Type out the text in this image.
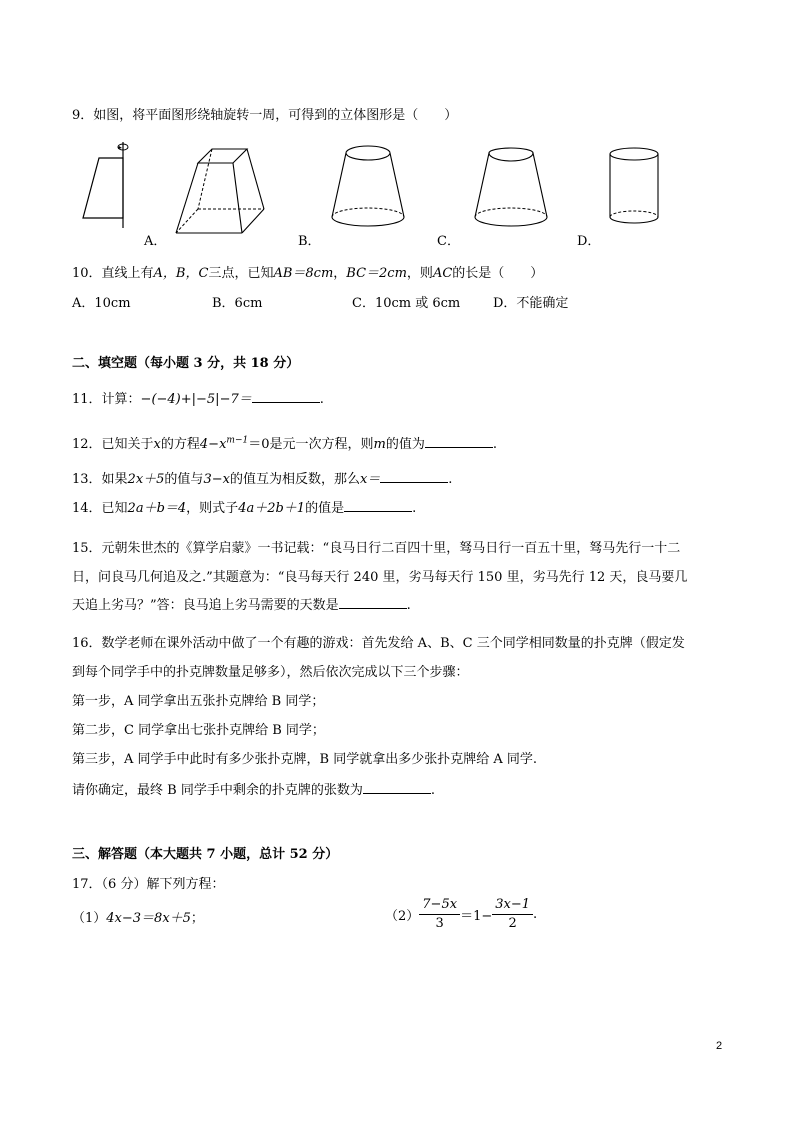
9．如图，将平面图形绕轴旋转一周，可得到的立体图形是（　　）
A．	B．	C．	D．
10．直线上有A，B，C三点，已知AB＝8cm，BC＝2cm，则AC的长是（　　）
A．10cm	B．6cm	C．10cm 或 6cm	D．不能确定
二、填空题（每小题 3 分，共 18 分）
11．计算：−(−4)+|−5|−7＝	.
12．已知关于x的方程$4-x^{m-1}=0$是元一次方程，则m的值为	.
13．如果2x＋5的值与3−x的值互为相反数，那么x＝	.
14．已知2a＋b＝4，则式子4a＋2b＋1的值是	.
15．元朝朱世杰的《算学启蒙》一书记载：“良马日行二百四十里，驽马日行一百五十里，驽马先行一十二
日，问良马几何追及之.”其题意为：“良马每天行 240 里，劣马每天行 150 里，劣马先行 12 天，良马要几
天追上劣马？”答：良马追上劣马需要的天数是	.
16．数学老师在课外活动中做了一个有趣的游戏：首先发给 A、B、C 三个同学相同数量的扑克牌（假定发
到每个同学手中的扑克牌数量足够多），然后依次完成以下三个步骤：
第一步，A 同学拿出五张扑克牌给 B 同学；
第二步，C 同学拿出七张扑克牌给 B 同学；
第三步，A 同学手中此时有多少张扑克牌，B 同学就拿出多少张扑克牌给 A 同学.
请你确定，最终 B 同学手中剩余的扑克牌的张数为	.
三、解答题（本大题共 7 小题，总计 52 分）
17．（6 分）解下列方程：
（1）4x−3＝8x＋5；	$(2) \frac{7-5x}{3} =1- \frac{3x-1}{2}$ .
2
